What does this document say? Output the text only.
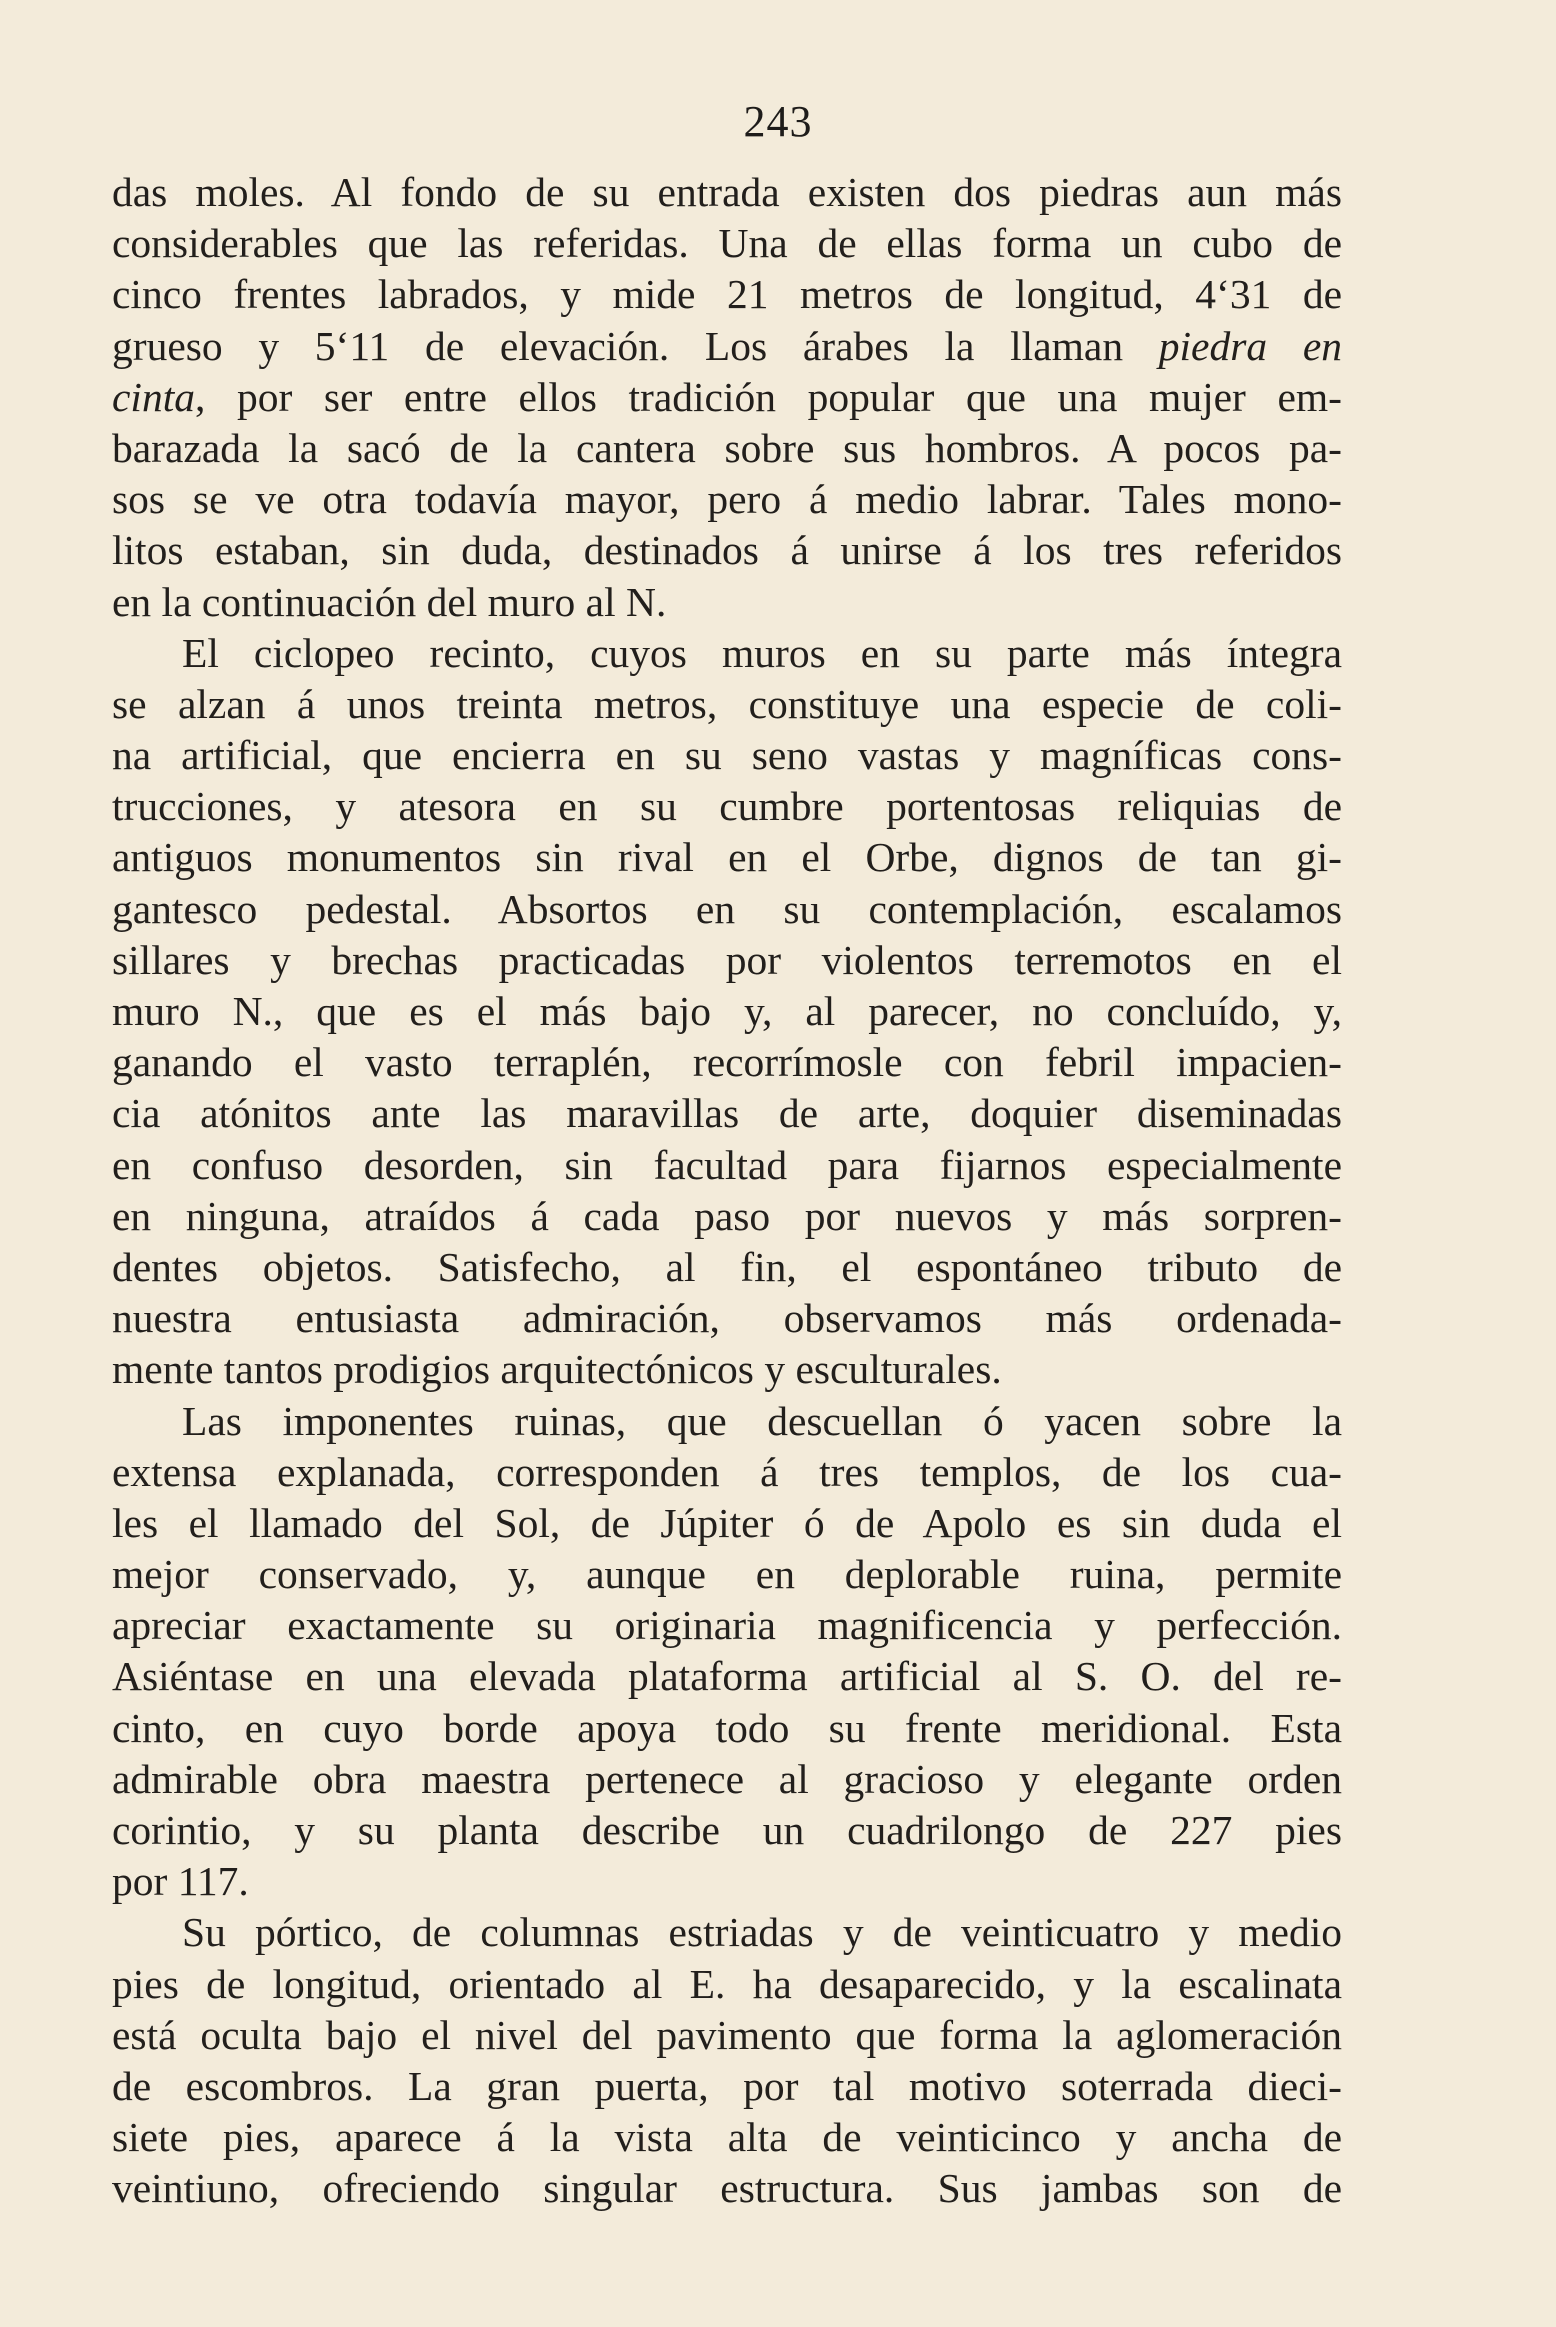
243
das moles. Al fondo de su entrada existen dos piedras aun más
considerables que las referidas. Una de ellas forma un cubo de
cinco frentes labrados, y mide 21 metros de longitud, 4‘31 de
grueso y 5‘11 de elevación. Los árabes la llaman piedra en
cinta, por ser entre ellos tradición popular que una mujer em-
barazada la sacó de la cantera sobre sus hombros. A pocos pa-
sos se ve otra todavía mayor, pero á medio labrar. Tales mono-
litos estaban, sin duda, destinados á unirse á los tres referidos
en la continuación del muro al N.
El ciclopeo recinto, cuyos muros en su parte más íntegra
se alzan á unos treinta metros, constituye una especie de coli-
na artificial, que encierra en su seno vastas y magníficas cons-
trucciones, y atesora en su cumbre portentosas reliquias de
antiguos monumentos sin rival en el Orbe, dignos de tan gi-
gantesco pedestal. Absortos en su contemplación, escalamos
sillares y brechas practicadas por violentos terremotos en el
muro N., que es el más bajo y, al parecer, no concluído, y,
ganando el vasto terraplén, recorrímosle con febril impacien-
cia atónitos ante las maravillas de arte, doquier diseminadas
en confuso desorden, sin facultad para fijarnos especialmente
en ninguna, atraídos á cada paso por nuevos y más sorpren-
dentes objetos. Satisfecho, al fin, el espontáneo tributo de
nuestra entusiasta admiración, observamos más ordenada-
mente tantos prodigios arquitectónicos y esculturales.
Las imponentes ruinas, que descuellan ó yacen sobre la
extensa explanada, corresponden á tres templos, de los cua-
les el llamado del Sol, de Júpiter ó de Apolo es sin duda el
mejor conservado, y, aunque en deplorable ruina, permite
apreciar exactamente su originaria magnificencia y perfección.
Asiéntase en una elevada plataforma artificial al S. O. del re-
cinto, en cuyo borde apoya todo su frente meridional. Esta
admirable obra maestra pertenece al gracioso y elegante orden
corintio, y su planta describe un cuadrilongo de 227 pies
por 117.
Su pórtico, de columnas estriadas y de veinticuatro y medio
pies de longitud, orientado al E. ha desaparecido, y la escalinata
está oculta bajo el nivel del pavimento que forma la aglomeración
de escombros. La gran puerta, por tal motivo soterrada dieci-
siete pies, aparece á la vista alta de veinticinco y ancha de
veintiuno, ofreciendo singular estructura. Sus jambas son de
